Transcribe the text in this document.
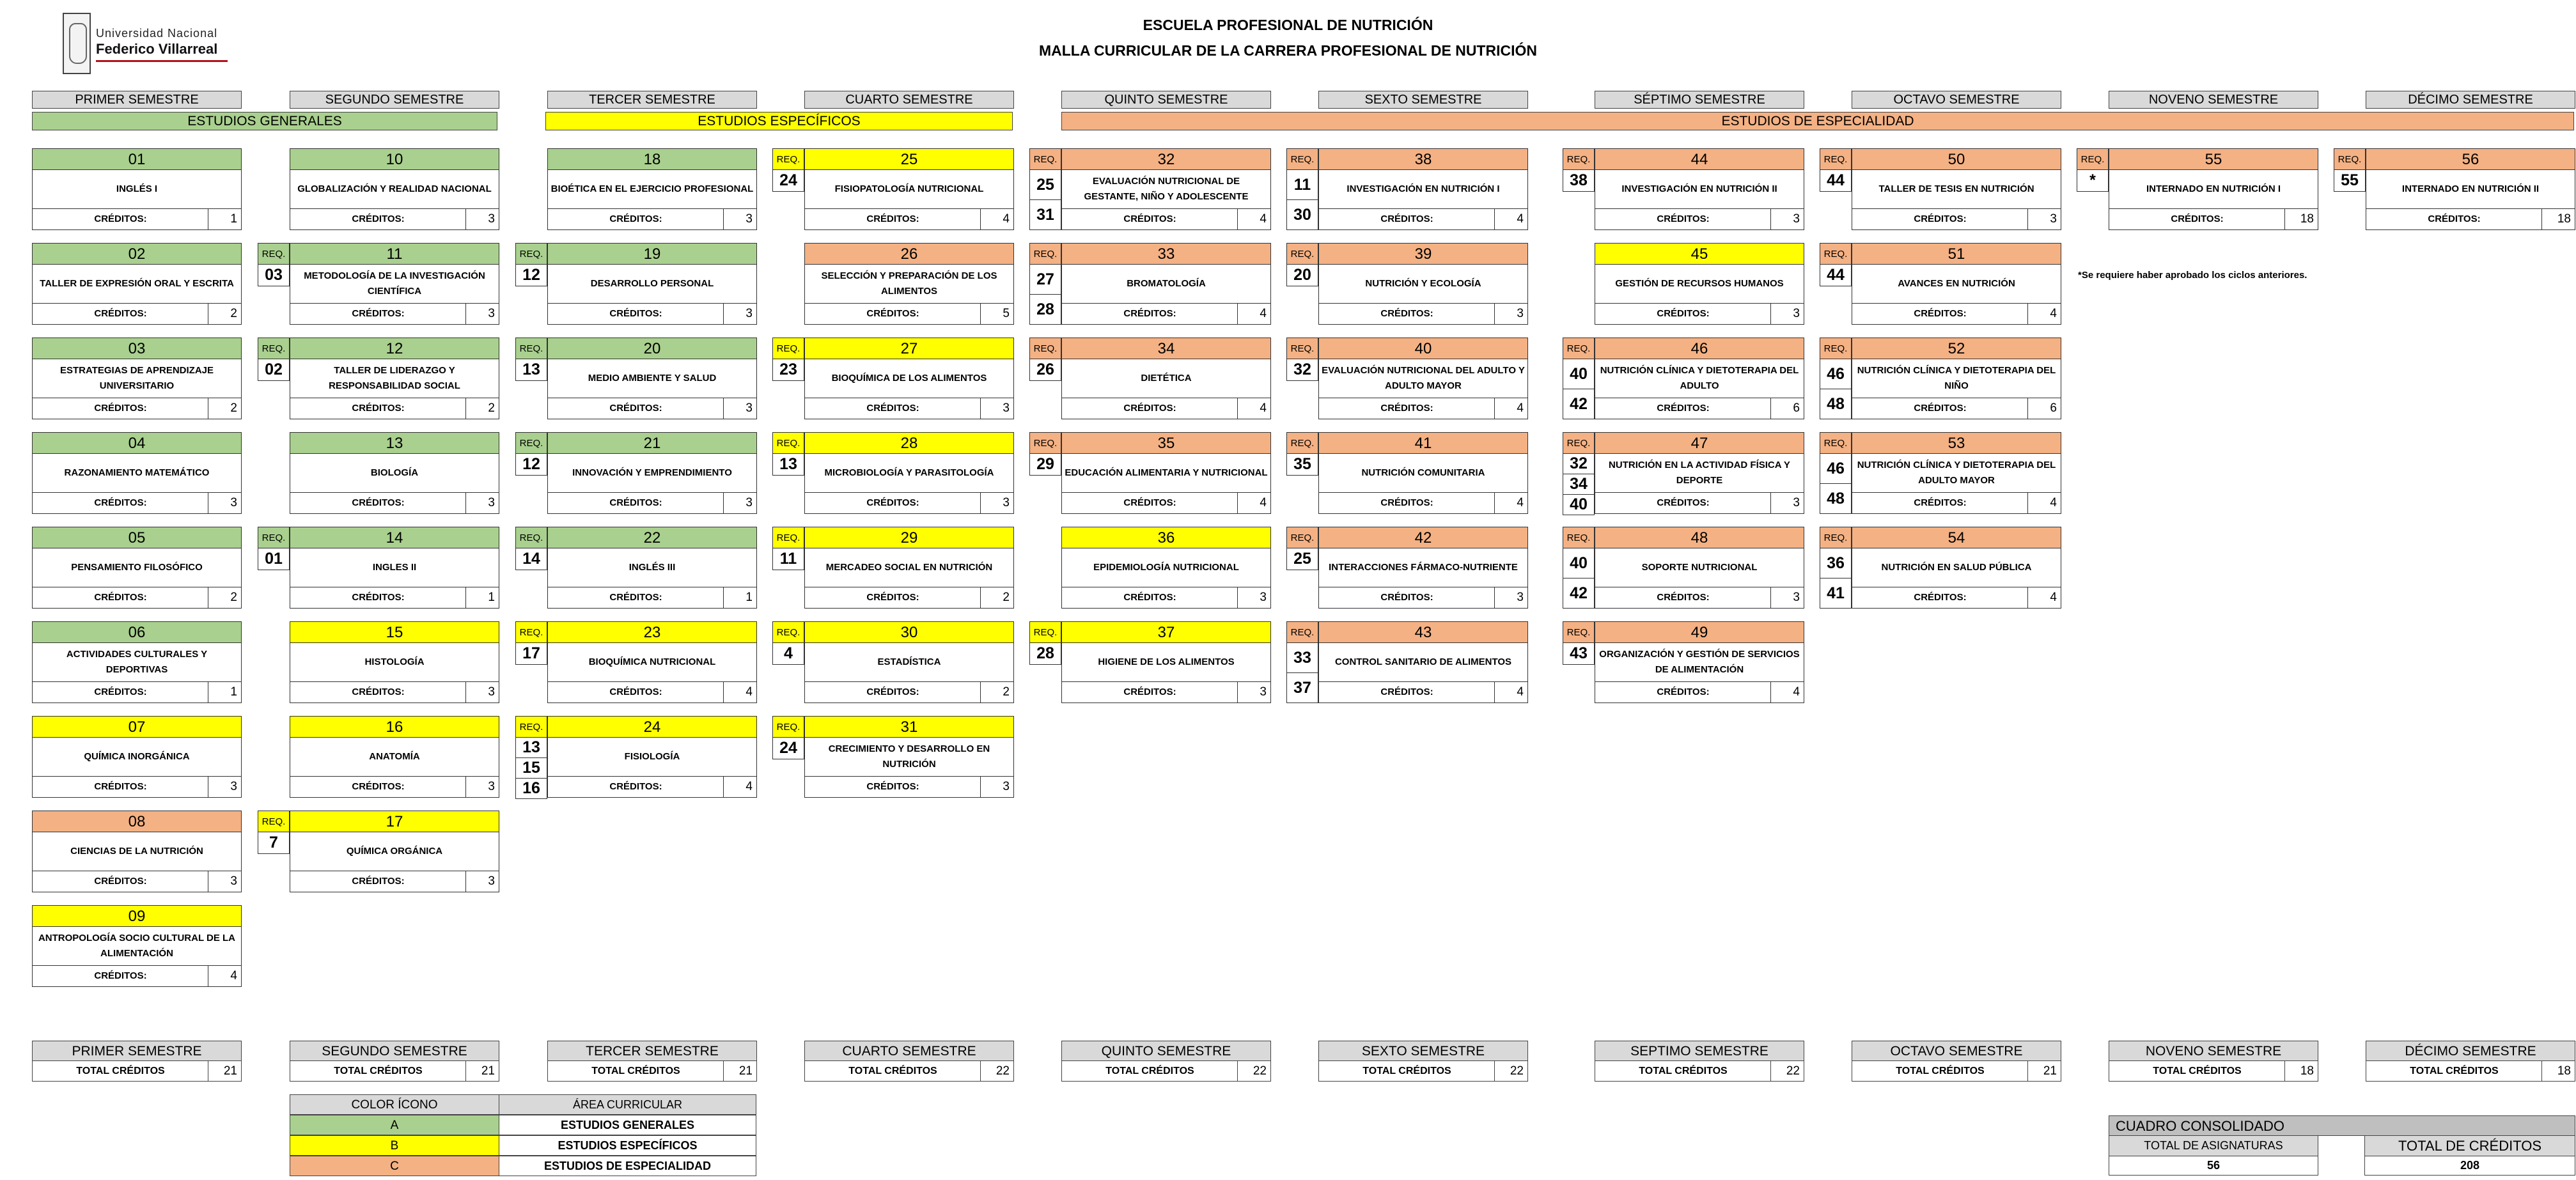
Universidad Nacional
Federico Villarreal
ESCUELA PROFESIONAL DE NUTRICIÓN
MALLA CURRICULAR DE LA CARRERA PROFESIONAL DE NUTRICIÓN
PRIMER SEMESTRE	SEGUNDO SEMESTRE	TERCER SEMESTRE	CUARTO SEMESTRE	QUINTO SEMESTRE	SEXTO SEMESTRE	SÉPTIMO SEMESTRE	OCTAVO SEMESTRE	NOVENO SEMESTRE	DÉCIMO SEMESTRE
ESTUDIOS GENERALES	ESTUDIOS ESPECÍFICOS	ESTUDIOS DE ESPECIALIDAD
01
INGLÉS I
CRÉDITOS:	1
02
TALLER DE EXPRESIÓN ORAL Y ESCRITA
CRÉDITOS:	2
03
ESTRATEGIAS DE APRENDIZAJE UNIVERSITARIO
CRÉDITOS:	2
04
RAZONAMIENTO MATEMÁTICO
CRÉDITOS:	3
05
PENSAMIENTO FILOSÓFICO
CRÉDITOS:	2
06
ACTIVIDADES CULTURALES Y DEPORTIVAS
CRÉDITOS:	1
07
QUÍMICA INORGÁNICA
CRÉDITOS:	3
08
CIENCIAS DE LA NUTRICIÓN
CRÉDITOS:	3
09
ANTROPOLOGÍA SOCIO CULTURAL DE LA ALIMENTACIÓN
CRÉDITOS:	4
10
GLOBALIZACIÓN Y REALIDAD NACIONAL
CRÉDITOS:	3
11
METODOLOGÍA DE LA INVESTIGACIÓN CIENTÍFICA
CRÉDITOS:	3
REQ.
03
12
TALLER DE LIDERAZGO Y RESPONSABILIDAD SOCIAL
CRÉDITOS:	2
REQ.
02
13
BIOLOGÍA
CRÉDITOS:	3
14
INGLES II
CRÉDITOS:	1
REQ.
01
15
HISTOLOGÍA
CRÉDITOS:	3
16
ANATOMÍA
CRÉDITOS:	3
17
QUÍMICA ORGÁNICA
CRÉDITOS:	3
REQ.
7
18
BIOÉTICA EN EL EJERCICIO PROFESIONAL
CRÉDITOS:	3
19
DESARROLLO PERSONAL
CRÉDITOS:	3
REQ.
12
20
MEDIO AMBIENTE Y SALUD
CRÉDITOS:	3
REQ.
13
21
INNOVACIÓN Y EMPRENDIMIENTO
CRÉDITOS:	3
REQ.
12
22
INGLÉS III
CRÉDITOS:	1
REQ.
14
23
BIOQUÍMICA NUTRICIONAL
CRÉDITOS:	4
REQ.
17
24
FISIOLOGÍA
CRÉDITOS:	4
REQ.
13
15
16
25
FISIOPATOLOGÍA NUTRICIONAL
CRÉDITOS:	4
REQ.
24
26
SELECCIÓN Y PREPARACIÓN DE LOS ALIMENTOS
CRÉDITOS:	5
27
BIOQUÍMICA DE LOS ALIMENTOS
CRÉDITOS:	3
REQ.
23
28
MICROBIOLOGÍA Y PARASITOLOGÍA
CRÉDITOS:	3
REQ.
13
29
MERCADEO SOCIAL EN NUTRICIÓN
CRÉDITOS:	2
REQ.
11
30
ESTADÍSTICA
CRÉDITOS:	2
REQ.
4
31
CRECIMIENTO Y DESARROLLO EN NUTRICIÓN
CRÉDITOS:	3
REQ.
24
32
EVALUACIÓN NUTRICIONAL DE GESTANTE, NIÑO Y ADOLESCENTE
CRÉDITOS:	4
REQ.
25
31
33
BROMATOLOGÍA
CRÉDITOS:	4
REQ.
27
28
34
DIETÉTICA
CRÉDITOS:	4
REQ.
26
35
EDUCACIÓN ALIMENTARIA Y NUTRICIONAL
CRÉDITOS:	4
REQ.
29
36
EPIDEMIOLOGÍA NUTRICIONAL
CRÉDITOS:	3
37
HIGIENE DE LOS ALIMENTOS
CRÉDITOS:	3
REQ.
28
38
INVESTIGACIÓN EN NUTRICIÓN I
CRÉDITOS:	4
REQ.
11
30
39
NUTRICIÓN Y ECOLOGÍA
CRÉDITOS:	3
REQ.
20
40
EVALUACIÓN NUTRICIONAL DEL ADULTO Y ADULTO MAYOR
CRÉDITOS:	4
REQ.
32
41
NUTRICIÓN COMUNITARIA
CRÉDITOS:	4
REQ.
35
42
INTERACCIONES FÁRMACO-NUTRIENTE
CRÉDITOS:	3
REQ.
25
43
CONTROL SANITARIO DE ALIMENTOS
CRÉDITOS:	4
REQ.
33
37
44
INVESTIGACIÓN EN NUTRICIÓN II
CRÉDITOS:	3
REQ.
38
45
GESTIÓN DE RECURSOS HUMANOS
CRÉDITOS:	3
46
NUTRICIÓN CLÍNICA Y DIETOTERAPIA DEL ADULTO
CRÉDITOS:	6
REQ.
40
42
47
NUTRICIÓN EN LA ACTIVIDAD FÍSICA Y DEPORTE
CRÉDITOS:	3
REQ.
32
34
40
48
SOPORTE NUTRICIONAL
CRÉDITOS:	3
REQ.
40
42
49
ORGANIZACIÓN Y GESTIÓN DE SERVICIOS DE ALIMENTACIÓN
CRÉDITOS:	4
REQ.
43
50
TALLER DE TESIS EN NUTRICIÓN
CRÉDITOS:	3
REQ.
44
51
AVANCES EN NUTRICIÓN
CRÉDITOS:	4
REQ.
44
52
NUTRICIÓN CLÍNICA Y DIETOTERAPIA DEL NIÑO
CRÉDITOS:	6
REQ.
46
48
53
NUTRICIÓN CLÍNICA Y DIETOTERAPIA DEL ADULTO MAYOR
CRÉDITOS:	4
REQ.
46
48
54
NUTRICIÓN EN SALUD PÚBLICA
CRÉDITOS:	4
REQ.
36
41
55
INTERNADO EN NUTRICIÓN I
CRÉDITOS:	18
REQ.
*
56
INTERNADO EN NUTRICIÓN II
CRÉDITOS:	18
REQ.
55
*Se requiere haber aprobado los ciclos anteriores.
PRIMER SEMESTRE
TOTAL CRÉDITOS	21
SEGUNDO SEMESTRE
TOTAL CRÉDITOS	21
TERCER SEMESTRE
TOTAL CRÉDITOS	21
CUARTO SEMESTRE
TOTAL CRÉDITOS	22
QUINTO SEMESTRE
TOTAL CRÉDITOS	22
SEXTO SEMESTRE
TOTAL CRÉDITOS	22
SEPTIMO SEMESTRE
TOTAL CRÉDITOS	22
OCTAVO SEMESTRE
TOTAL CRÉDITOS	21
NOVENO SEMESTRE
TOTAL CRÉDITOS	18
DÉCIMO SEMESTRE
TOTAL CRÉDITOS	18
COLOR ÍCONO	ÁREA CURRICULAR
A	ESTUDIOS GENERALES
B	ESTUDIOS ESPECÍFICOS
C	ESTUDIOS DE ESPECIALIDAD
CUADRO CONSOLIDADO
TOTAL DE ASIGNATURAS	TOTAL DE CRÉDITOS
56	208
